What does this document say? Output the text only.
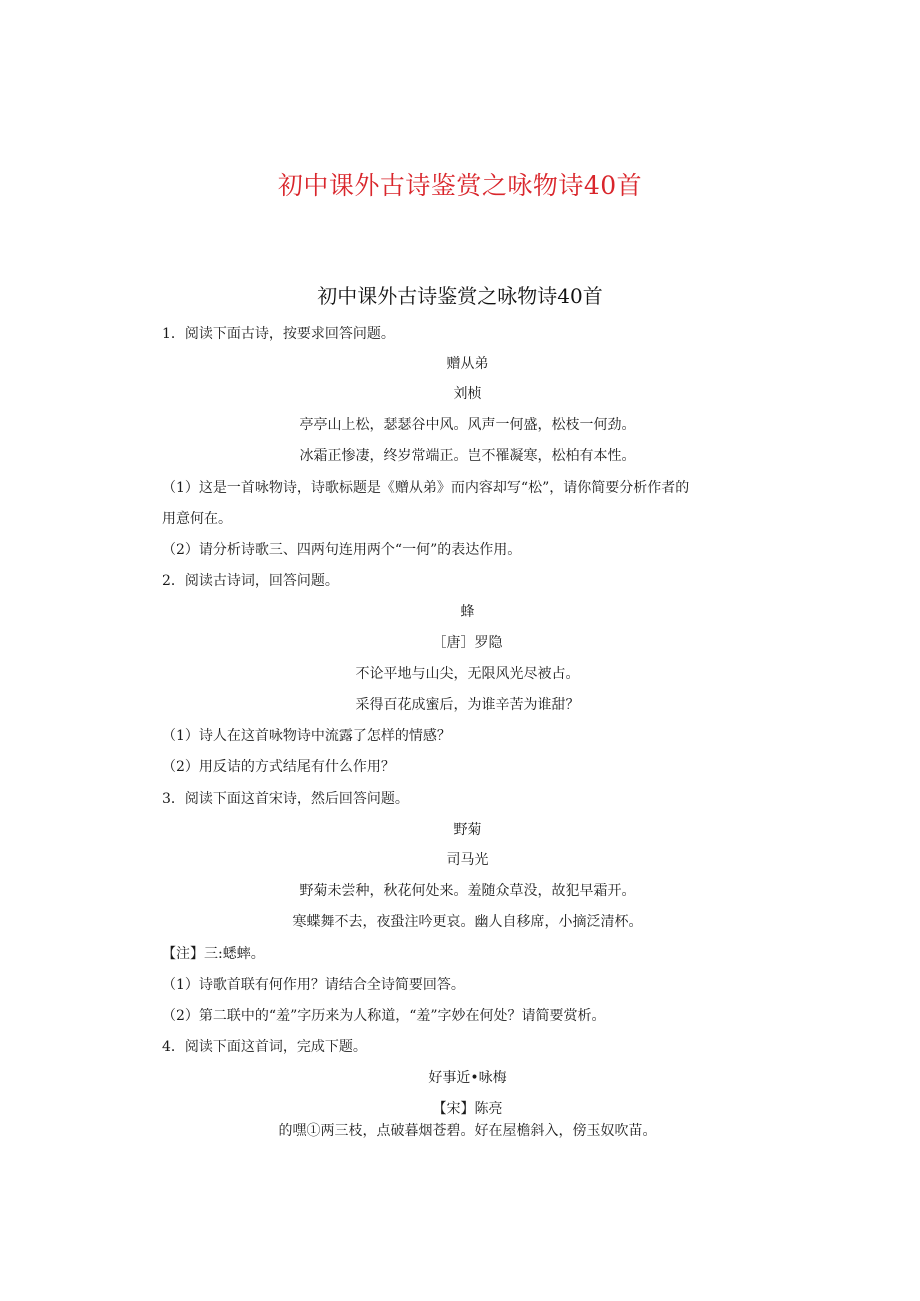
初中课外古诗鉴赏之咏物诗40首
初中课外古诗鉴赏之咏物诗40首
1．阅读下面古诗，按要求回答问题。
赠从弟
刘桢
亭亭山上松，瑟瑟谷中风。风声一何盛，松枝一何劲。
冰霜正惨凄，终岁常端正。岂不罹凝寒，松柏有本性。
（1）这是一首咏物诗，诗歌标题是《赠从弟》而内容却写“松”，请你简要分析作者的
用意何在。
（2）请分析诗歌三、四两句连用两个“一何”的表达作用。
2．阅读古诗词，回答问题。
蜂
［唐］罗隐
不论平地与山尖，无限风光尽被占。
采得百花成蜜后，为谁辛苦为谁甜？
（1）诗人在这首咏物诗中流露了怎样的情感？
（2）用反诘的方式结尾有什么作用？
3．阅读下面这首宋诗，然后回答问题。
野菊
司马光
野菊未尝种，秋花何处来。羞随众草没，故犯早霜开。
寒蝶舞不去，夜蛩注吟更哀。幽人自移席，小摘泛清杯。
【注】三:蟋蟀。
（1）诗歌首联有何作用？请结合全诗简要回答。
（2）第二联中的“羞”字历来为人称道，“羞”字妙在何处？请简要赏析。
4．阅读下面这首词，完成下题。
好事近•咏梅
【宋】陈亮
的嘿①两三枝，点破暮烟苍碧。好在屋檐斜入，傍玉奴吹苗。
